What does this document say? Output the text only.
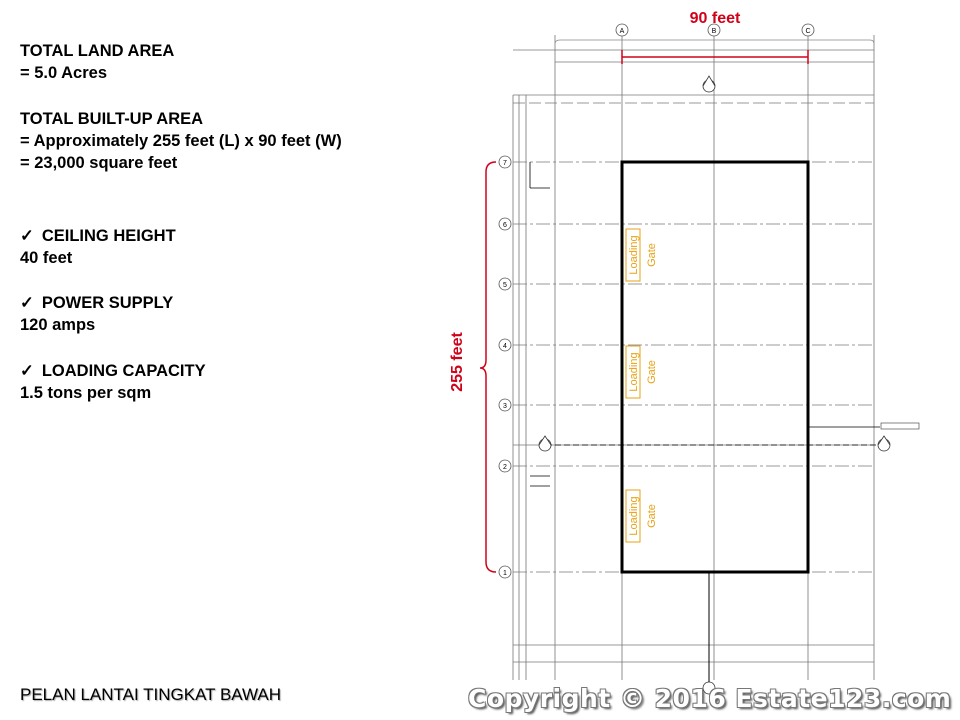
TOTAL LAND AREA
= 5.0 Acres
TOTAL BUILT-UP AREA
= Approximately 255 feet (L) x 90 feet (W)
= 23,000 square feet
✓ CEILING HEIGHT
40 feet
✓ POWER SUPPLY
120 amps
✓ LOADING CAPACITY
1.5 tons per sqm
A	B	C
7
6
5
4
3
2
1
90 feet
255 feet
Loading Gate
Loading Gate
Loading Gate
PELAN LANTAI TINGKAT BAWAH	Copyright © 2016 Estate123.com
